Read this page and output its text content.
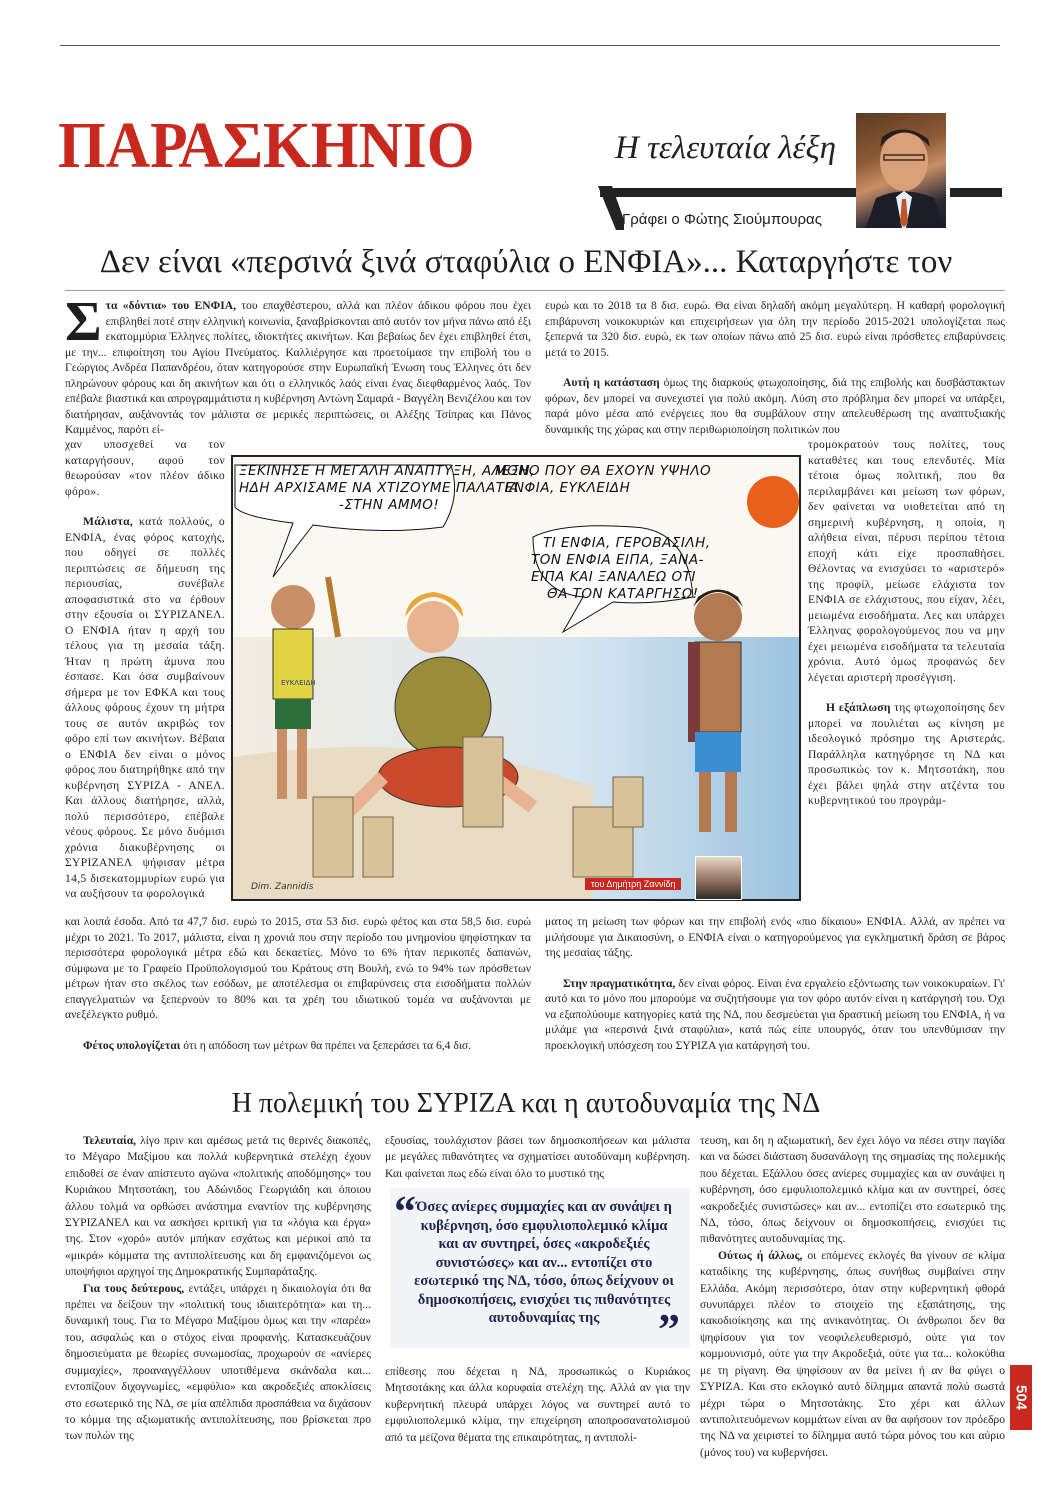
ΠΑΡΑΣΚΗΝΙΟ	Η τελευταία λέξη
Γράφει ο Φώτης Σιούμπουρας
Δεν είναι «περσινά ξινά σταφύλια ο ΕΝΦΙΑ»... Καταργήστε τον

Στα «δόντια» του ΕΝΦΙΑ, του επαχθέστερου, αλλά και πλέον άδικου φόρου που έχει επιβληθεί ποτέ στην ελληνική κοινωνία, ξαναβρίσκονται από αυτόν τον μήνα πάνω από έξι εκατομμύρια Έλληνες πολίτες, ιδιοκτήτες ακινήτων. Και βεβαίως δεν έχει επιβληθεί έτσι, με την... επιφοίτηση του Αγίου Πνεύματος. Καλλιέργησε και προετοίμασε την επιβολή του ο Γεώργιος Ανδρέα Παπανδρέου, όταν κατηγορούσε στην Ευρωπαϊκή Ένωση τους Έλληνες ότι δεν πληρώνουν φόρους και δη ακινήτων και ότι ο ελληνικός λαός είναι ένας διεφθαρμένος λαός. Τον επέβαλε βιαστικά και απρογραμμάτιστα η κυβέρνηση Αντώνη Σαμαρά - Βαγγέλη Βενιζέλου και τον διατήρησαν, αυξάνοντάς τον μάλιστα σε μερικές περιπτώσεις, οι Αλέξης Τσίπρας και Πάνος Καμμένος, παρότι εί-

χαν υποσχεθεί να τον καταργήσουν, αφού τον θεωρούσαν «τον πλέον άδικο φόρο».

Μάλιστα, κατά πολλούς, ο ΕΝΦΙΑ, ένας φόρος κατοχής, που οδηγεί σε πολλές περιπτώσεις σε δήμευση της περιουσίας, συνέβαλε αποφασιστικά στο να έρθουν στην εξουσία οι ΣΥΡΙΖΑΝΕΛ. Ο ΕΝΦΙΑ ήταν η αρχή του τέλους για τη μεσαία τάξη. Ήταν η πρώτη άμυνα που έσπασε. Και όσα συμβαίνουν σήμερα με τον ΕΦΚΑ και τους άλλους φόρους έχουν τη μήτρα τους σε αυτόν ακριβώς τον φόρο επί των ακινήτων. Βέβαια ο ΕΝΦΙΑ δεν είναι ο μόνος φόρος που διατηρήθηκε από την κυβέρνηση ΣΥΡΙΖΑ - ΑΝΕΛ. Και άλλους διατήρησε, αλλά, πολύ περισσότερο, επέβαλε νέους φόρους. Σε μόνο δυόμισι χρόνια διακυβέρνησης οι ΣΥΡΙΖΑΝΕΛ ψήφισαν μέτρα 14,5 δισεκατομμυρίων ευρώ για να αυξήσουν τα φορολογικά

και λοιπά έσοδα. Από τα 47,7 δισ. ευρώ το 2015, στα 53 δισ. ευρώ φέτος και στα 58,5 δισ. ευρώ μέχρι το 2021. Το 2017, μάλιστα, είναι η χρονιά που στην περίοδο του μνημονίου ψηφίστηκαν τα περισσότερα φορολογικά μέτρα εδώ και δεκαετίες. Μόνο το 6% ήταν περικοπές δαπανών, σύμφωνα με το Γραφείο Προϋπολογισμού του Κράτους στη Βουλή, ενώ το 94% των πρόσθετων μέτρων ήταν στο σκέλος των εσόδων, με αποτέλεσμα οι επιβαρύνσεις στα εισοδήματα πολλών επαγγελματιών να ξεπερνούν το 80% και τα χρέη του ιδιωτικού τομέα να αυξάνονται με ανεξέλεγκτο ρυθμό.

Φέτος υπολογίζεται ότι η απόδοση των μέτρων θα πρέπει να ξεπεράσει τα 6,4 δισ.

ευρώ και το 2018 τα 8 δισ. ευρώ. Θα είναι δηλαδή ακόμη μεγαλύτερη. Η καθαρή φορολογική επιβάρυνση νοικοκυριών και επιχειρήσεων για όλη την περίοδο 2015-2021 υπολογίζεται πως ξεπερνά τα 320 δισ. ευρώ, εκ των οποίων πάνω από 25 δισ. ευρώ είναι πρόσθετες επιβαρύνσεις μετά το 2015.

Αυτή η κατάσταση όμως της διαρκούς φτωχοποίησης, διά της επιβολής και δυσβάστακτων φόρων, δεν μπορεί να συνεχιστεί για πολύ ακόμη. Λύση στο πρόβλημα δεν μπορεί να υπάρξει, παρά μόνο μέσα από ενέργειες που θα συμβάλουν στην απελευθέρωση της αναπτυξιακής δυναμικής της χώρας και στην περιθωριοποίηση πολιτικών που

τρομοκρατούν τους πολίτες, τους καταθέτες και τους επενδυτές. Μία τέτοια όμως πολιτική, που θα περιλαμβάνει και μείωση των φόρων, δεν φαίνεται να υιοθετείται από τη σημερινή κυβέρνηση, η οποία, η αλήθεια είναι, πέρυσι περίπου τέτοια εποχή κάτι είχε προσπαθήσει. Θέλοντας να ενισχύσει το «αριστερό» της προφίλ, μείωσε ελάχιστα τον ΕΝΦΙΑ σε ελάχιστους, που είχαν, λέει, μειωμένα εισοδήματα. Λες και υπάρχει Έλληνας φορολογούμενος που να μην έχει μειωμένα εισοδήματα τα τελευταία χρόνια. Αυτό όμως προφανώς δεν λέγεται αριστερή προσέγγιση.

Η εξάπλωση της φτωχοποίησης δεν μπορεί να πουλιέται ως κίνηση με ιδεολογικό πρόσημο της Αριστεράς. Παράλληλα κατηγόρησε τη ΝΔ και προσωπικώς τον κ. Μητσοτάκη, που έχει βάλει ψηλά στην ατζέντα του κυβερνητικού του προγράμ-

ματος τη μείωση των φόρων και την επιβολή ενός «πιο δίκαιου» ΕΝΦΙΑ. Αλλά, αν πρέπει να μιλήσουμε για Δικαιοσύνη, ο ΕΝΦΙΑ είναι ο κατηγορούμενος για εγκληματική δράση σε βάρος της μεσαίας τάξης.

Στην πραγματικότητα, δεν είναι φόρος. Είναι ένα εργαλείο εξόντωσης των νοικοκυραίων. Γι' αυτό και το μόνο που μπορούμε να συζητήσουμε για τον φόρο αυτόν είναι η κατάργησή του. Όχι να εξαπολύουμε κατηγορίες κατά της ΝΔ, που δεσμεύεται για δραστική μείωση του ΕΝΦΙΑ, ή να μιλάμε για «περσινά ξινά σταφύλια», κατά πώς είπε υπουργός, όταν του υπενθύμισαν την προεκλογική υπόσχεση του ΣΥΡΙΖΑ για κατάργησή του.

Dim. Zannidis
ΕΥΚΛΕΙΔΗ
ΞΕΚΙΝΗΣΕ Η ΜΕΓΑΛΗ ΑΝΑΠΤΥΞΗ, ΑΛΕΞΗ,
ΗΔΗ ΑΡΧΙΣΑΜΕ ΝΑ ΧΤΙΖΟΥΜΕ ΠΑΛΑΤΙΑ
-ΣΤΗΝ ΑΜΜΟ!
ΜΟΝΟ ΠΟΥ ΘΑ ΕΧΟΥΝ ΥΨΗΛΟ
ΕΝΦΙΑ, ΕΥΚΛΕΙΔΗ
ΤΙ ΕΝΦΙΑ, ΓΕΡΟΒΑΣΙΛΗ,
ΤΟΝ ΕΝΦΙΑ ΕΙΠΑ, ΞΑΝΑ-
ΕΙΠΑ ΚΑΙ ΞΑΝΑΛΕΩ ΟΤΙ
ΘΑ ΤΟΝ ΚΑΤΑΡΓΗΣΩ!
του Δημήτρη Ζαννίδη
Η πολεμική του ΣΥΡΙΖΑ και η αυτοδυναμία της ΝΔ

Τελευταία, λίγο πριν και αμέσως μετά τις θερινές διακοπές, το Μέγαρο Μαξίμου και πολλά κυβερνητικά στελέχη έχουν επιδοθεί σε έναν απίστευτο αγώνα «πολιτικής αποδόμησης» του Κυριάκου Μητσοτάκη, του Αδώνιδος Γεωργιάδη και όποιου άλλου τολμά να ορθώσει ανάστημα εναντίον της κυβέρνησης ΣΥΡΙΖΑΝΕΛ και να ασκήσει κριτική για τα «λόγια και έργα» της. Στον «χορό» αυτόν μπήκαν εσχάτως και μερικοί από τα «μικρά» κόμματα της αντιπολίτευσης και δη εμφανιζόμενοι ως υποψήφιοι αρχηγοί της Δημοκρατικής Συμπαράταξης.

Για τους δεύτερους, εντάξει, υπάρχει η δικαιολογία ότι θα πρέπει να δείξουν την «πολιτική τους ιδιαιτερότητα» και τη... δυναμική τους. Για το Μέγαρο Μαξίμου όμως και την «παρέα» του, ασφαλώς και ο στόχος είναι προφανής. Κατασκευάζουν δημοσιεύματα με θεωρίες συνωμοσίας, προχωρούν σε «ανίερες συμμαχίες», προαναγγέλλουν υποτιθέμενα σκάνδαλα και... εντοπίζουν διχογνωμίες, «εμφύλιο» και ακροδεξιές αποκλίσεις στο εσωτερικό της ΝΔ, σε μία απέλπιδα προσπάθεια να διχάσουν το κόμμα της αξιωματικής αντιπολίτευσης, που βρίσκεται προ των πυλών της

εξουσίας, τουλάχιστον βάσει των δημοσκοπήσεων και μάλιστα με μεγάλες πιθανότητες να σχηματίσει αυτοδύναμη κυβέρνηση. Και φαίνεται πως εδώ είναι όλο το μυστικό της

“ Όσες ανίερες συμμαχίες και αν συνάψει η κυβέρνηση, όσο εμφυλιοπολεμικό κλίμα και αν συντηρεί, όσες «ακροδεξιές συνιστώσες» και αν... εντοπίζει στο εσωτερικό της ΝΔ, τόσο, όπως δείχνουν οι δημοσκοπήσεις, ενισχύει τις πιθανότητες αυτοδυναμίας της	”

επίθεσης που δέχεται η ΝΔ, προσωπικώς ο Κυριάκος Μητσοτάκης και άλλα κορυφαία στελέχη της. Αλλά αν για την κυβερνητική πλευρά υπάρχει λόγος να συντηρεί αυτό το εμφυλιοπολεμικό κλίμα, την επιχείρηση αποπροσανατολισμού από τα μείζονα θέματα της επικαιρότητας, η αντιπολί-

τευση, και δη η αξιωματική, δεν έχει λόγο να πέσει στην παγίδα και να δώσει διάσταση δυσανάλογη της σημασίας της πολεμικής που δέχεται. Εξάλλου όσες ανίερες συμμαχίες και αν συνάψει η κυβέρνηση, όσο εμφυλιοπολεμικό κλίμα και αν συντηρεί, όσες «ακροδεξιές συνιστώσες» και αν... εντοπίζει στο εσωτερικό της ΝΔ, τόσο, όπως δείχνουν οι δημοσκοπήσεις, ενισχύει τις πιθανότητες αυτοδυναμίας της.

Ούτως ή άλλως, οι επόμενες εκλογές θα γίνουν σε κλίμα καταδίκης της κυβέρνησης, όπως συνήθως συμβαίνει στην Ελλάδα. Ακόμη περισσότερο, όταν στην κυβερνητική φθορά συνυπάρχει πλέον το στοιχείο της εξαπάτησης, της κακοδιοίκησης και της ανικανότητας. Οι άνθρωποι δεν θα ψηφίσουν για τον νεοφιλελευθερισμό, ούτε για τον κομμουνισμό, ούτε για την Ακροδεξιά, ούτε για τα... κολοκύθια με τη ρίγανη. Θα ψηφίσουν αν θα μείνει ή αν θα φύγει ο ΣΥΡΙΖΑ. Και στο εκλογικό αυτό δίλημμα απαντά πολύ σωστά μέχρι τώρα ο Μητσοτάκης. Στο χέρι και άλλων αντιπολιτευόμενων κομμάτων είναι αν θα αφήσουν τον πρόεδρο της ΝΔ να χειριστεί το δίλημμα αυτό τώρα μόνος του και αύριο (μόνος του) να κυβερνήσει.

504
